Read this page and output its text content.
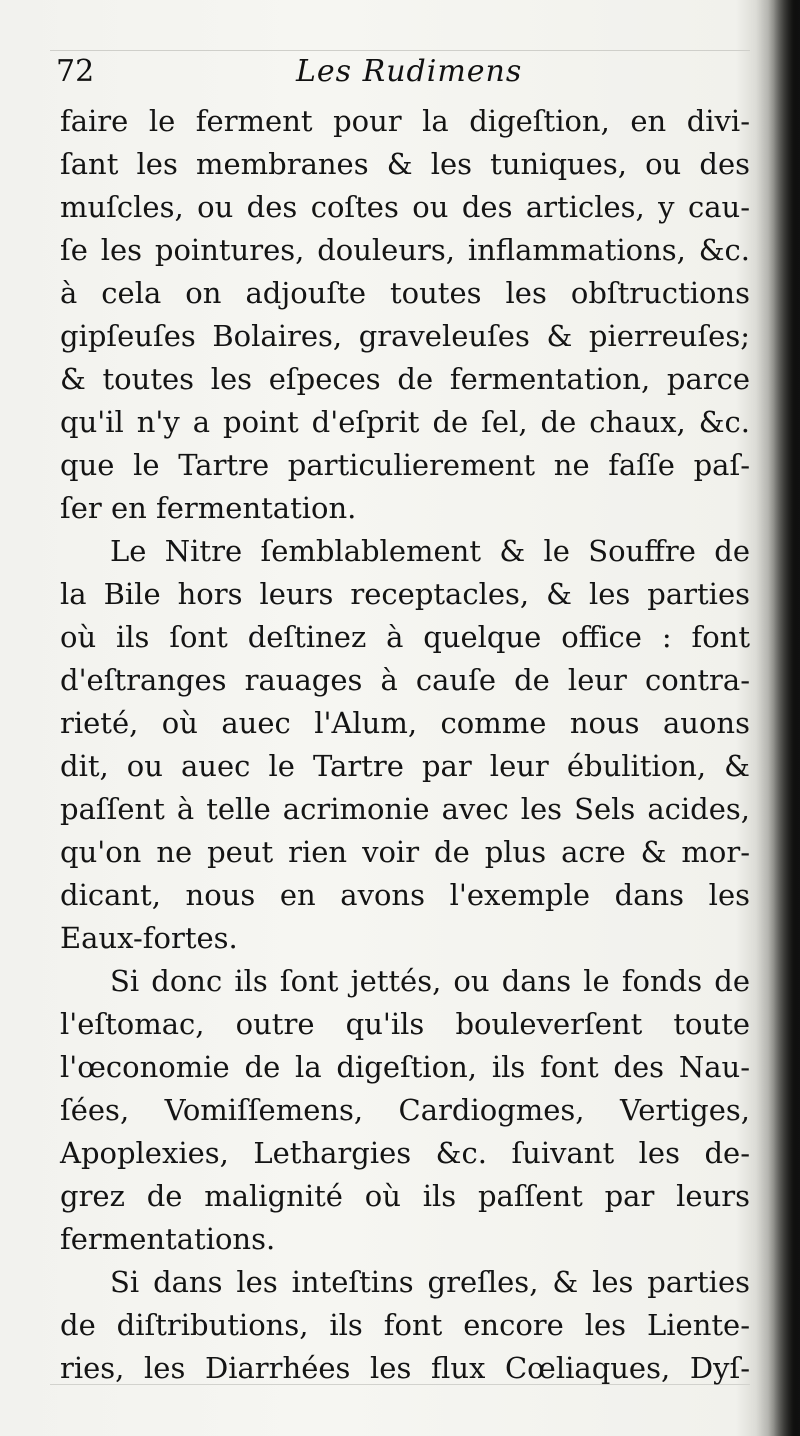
72	Les Rudimens
faire le ferment pour la digeſtion, en divi-
ſant les membranes & les tuniques, ou des
muſcles, ou des coſtes ou des articles, y cau-
ſe les pointures, douleurs, inflammations, &c.
à cela on adjouſte toutes les obſtructions
gipſeuſes Bolaires, graveleuſes & pierreuſes;
& toutes les eſpeces de fermentation, parce
qu'il n'y a point d'eſprit de ſel, de chaux, &c.
que le Tartre particulierement ne faſſe paſ-
ſer en fermentation.
Le Nitre ſemblablement & le Souffre de
la Bile hors leurs receptacles, & les parties
où ils ſont deſtinez à quelque office : font
d'eſtranges rauages à cauſe de leur contra-
rieté, où auec l'Alum, comme nous auons
dit, ou auec le Tartre par leur ébulition, &
paſſent à telle acrimonie avec les Sels acides,
qu'on ne peut rien voir de plus acre & mor-
dicant, nous en avons l'exemple dans les
Eaux-fortes.
Si donc ils ſont jettés, ou dans le fonds de
l'eſtomac, outre qu'ils bouleverſent toute
l'œconomie de la digeſtion, ils font des Nau-
ſées, Vomiſſemens, Cardiogmes, Vertiges,
Apoplexies, Lethargies &c. ſuivant les de-
grez de malignité où ils paſſent par leurs
fermentations.
Si dans les inteſtins greſles, & les parties
de diſtributions, ils font encore les Liente-
ries, les Diarrhées les flux Cœliaques, Dyſ-
